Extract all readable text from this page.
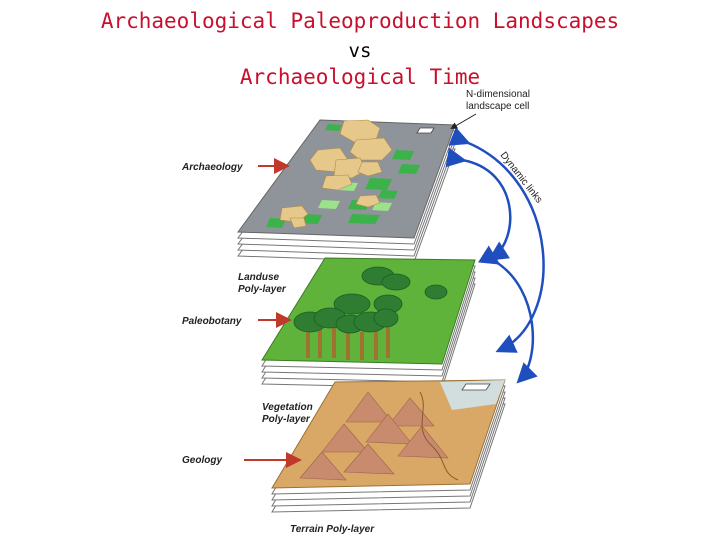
Archaeological Paleoproduction Landscapes
vs
Archaeological Time
Dynamic links
N-dimensional
landscape cell
Archaeology
Landuse
Poly-layer
Paleobotany
Vegetation
Poly-layer
Geology
Terrain Poly-layer
